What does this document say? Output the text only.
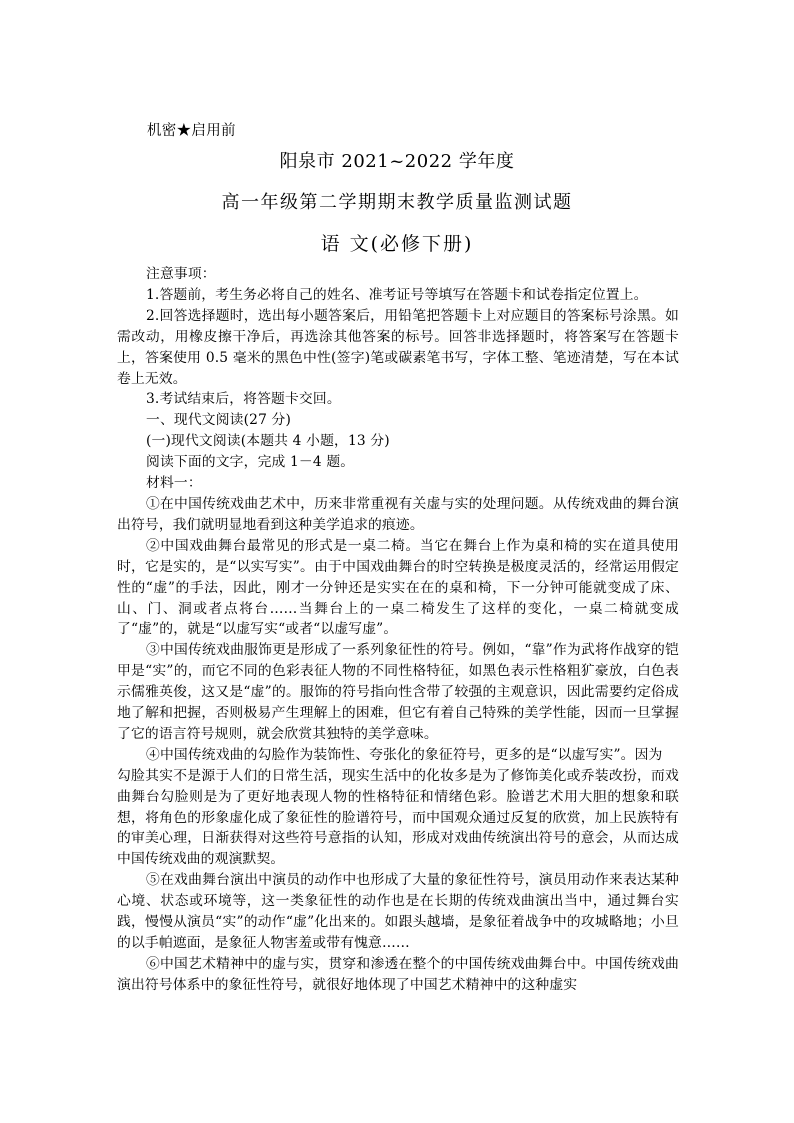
机密★启用前
阳泉市 2021~2022 学年度
高一年级第二学期期末教学质量监测试题
语 文(必修下册)

注意事项：

1.答题前，考生务必将自己的姓名、准考证号等填写在答题卡和试卷指定位置上。

2.回答选择题时，选出每小题答案后，用铅笔把答题卡上对应题目的答案标号涂黑。如需改动，用橡皮擦干净后，再选涂其他答案的标号。回答非选择题时，将答案写在答题卡上，答案使用 0.5 毫米的黑色中性(签字)笔或碳素笔书写，字体工整、笔迹清楚，写在本试卷上无效。

3.考试结束后，将答题卡交回。

一、现代文阅读(27 分)

(一)现代文阅读(本题共 4 小题，13 分)

阅读下面的文字，完成 1－4 题。

材料一：

①在中国传统戏曲艺术中，历来非常重视有关虚与实的处理问题。从传统戏曲的舞台演出符号，我们就明显地看到这种美学追求的痕迹。

②中国戏曲舞台最常见的形式是一桌二椅。当它在舞台上作为桌和椅的实在道具使用时，它是实的，是“以实写实”。由于中国戏曲舞台的时空转换是极度灵活的，经常运用假定性的“虚”的手法，因此，刚才一分钟还是实实在在的桌和椅，下一分钟可能就变成了床、山、门、洞或者点将台……当舞台上的一桌二椅发生了这样的变化，一桌二椅就变成了“虚”的，就是“以虚写实“或者“以虚写虚”。

③中国传统戏曲服饰更是形成了一系列象征性的符号。例如，“靠”作为武将作战穿的铠甲是“实”的，而它不同的色彩表征人物的不同性格特征，如黑色表示性格粗犷豪放，白色表示儒雅英俊，这又是“虚”的。服饰的符号指向性含带了较强的主观意识，因此需要约定俗成地了解和把握，否则极易产生理解上的困难，但它有着自己特殊的美学性能，因而一旦掌握了它的语言符号规则，就会欣赏其独特的美学意味。

④中国传统戏曲的勾脸作为装饰性、夸张化的象征符号，更多的是“以虚写实”。因为

勾脸其实不是源于人们的日常生活，现实生活中的化妆多是为了修饰美化或乔装改扮，而戏曲舞台勾脸则是为了更好地表现人物的性格特征和情绪色彩。脸谱艺术用大胆的想象和联想，将角色的形象虚化成了象征性的脸谱符号，而中国观众通过反复的欣赏，加上民族特有的审美心理，日渐获得对这些符号意指的认知，形成对戏曲传统演出符号的意会，从而达成中国传统戏曲的观演默契。

⑤在戏曲舞台演出中演员的动作中也形成了大量的象征性符号，演员用动作来表达某种心境、状态或环境等，这一类象征性的动作也是在长期的传统戏曲演出当中，通过舞台实践，慢慢从演员“实”的动作“虚”化出来的。如跟头越墙，是象征着战争中的攻城略地；小旦的以手帕遮面，是象征人物害羞或带有愧意……

⑥中国艺术精神中的虚与实，贯穿和渗透在整个的中国传统戏曲舞台中。中国传统戏曲演出符号体系中的象征性符号，就很好地体现了中国艺术精神中的这种虚实
